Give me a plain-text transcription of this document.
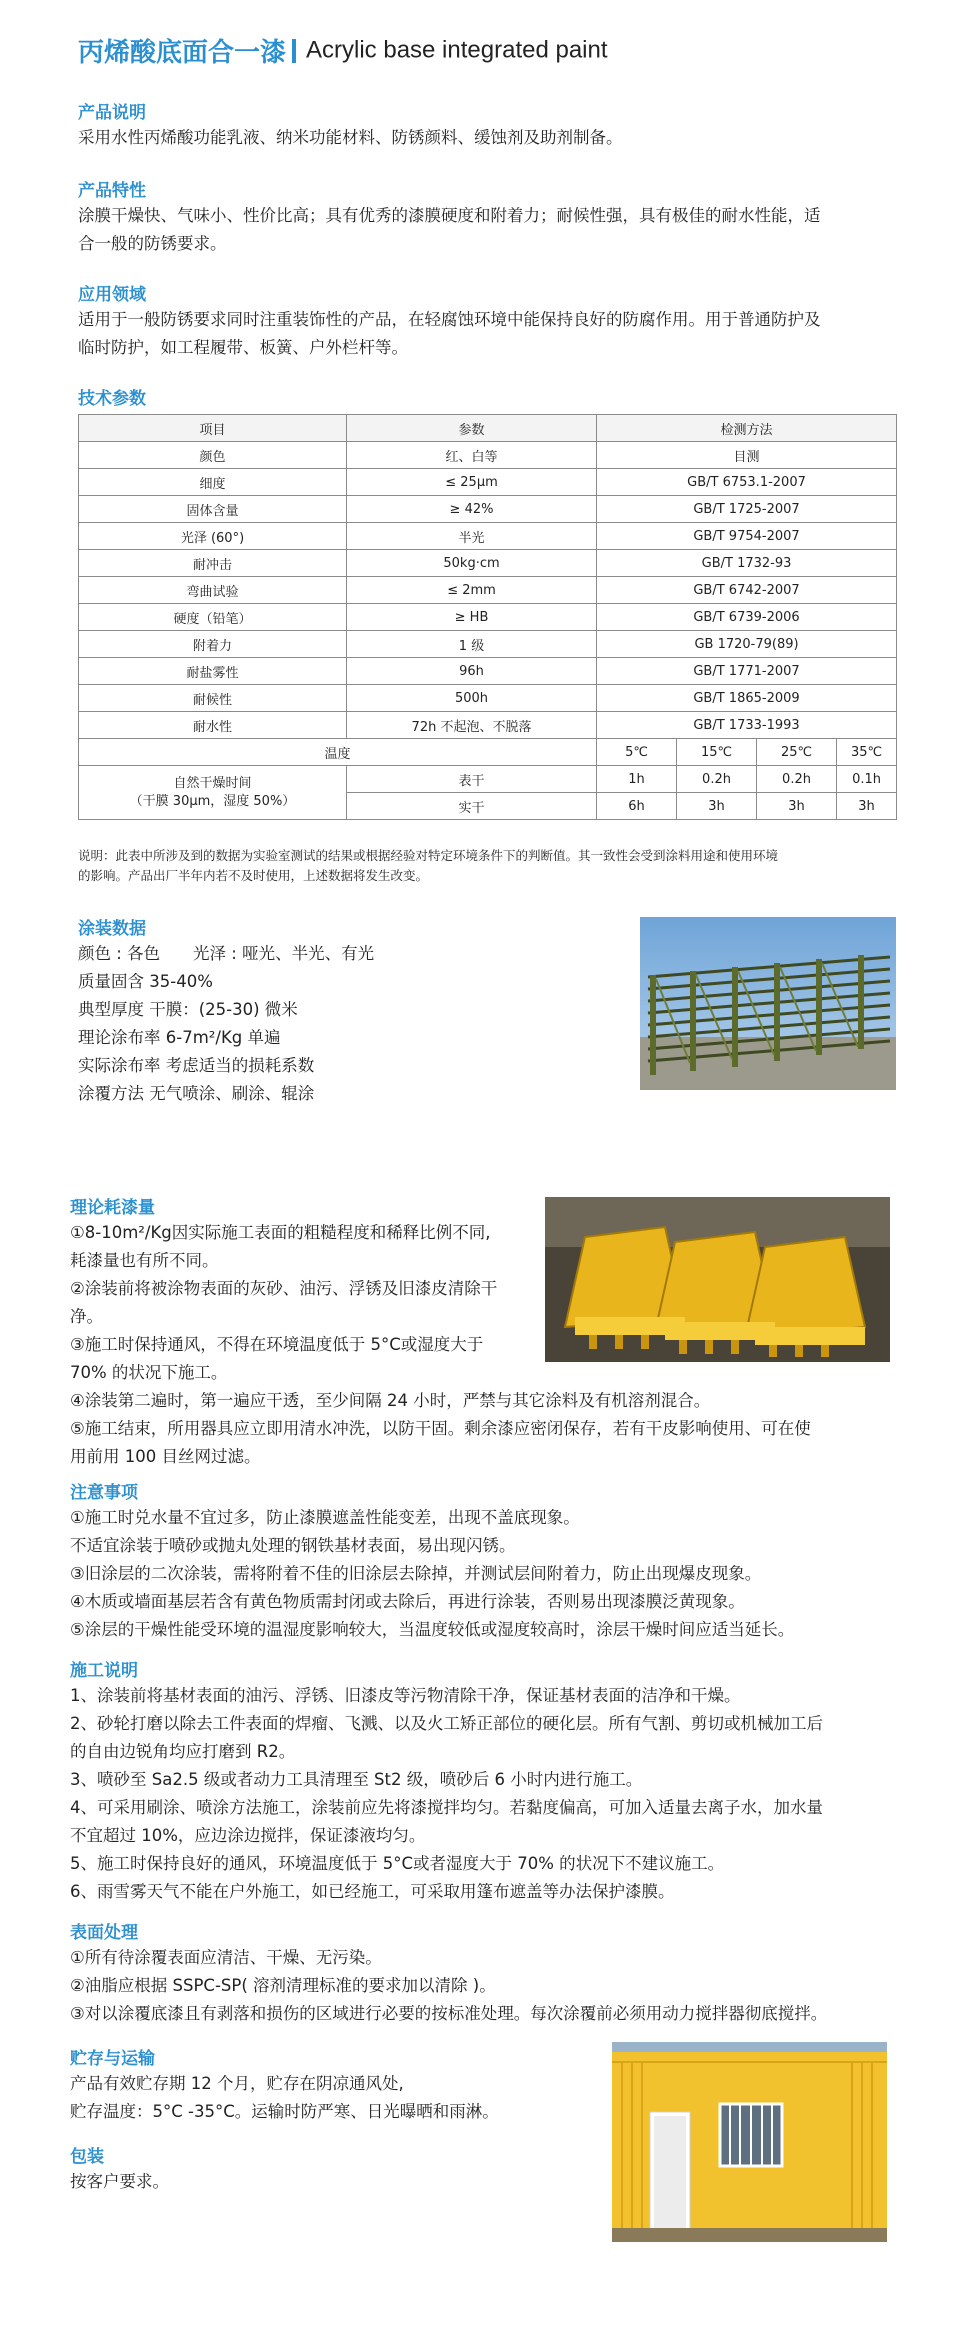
丙烯酸底面合一漆 Acrylic base integrated paint
产品说明
采用水性丙烯酸功能乳液、纳米功能材料、防锈颜料、缓蚀剂及助剂制备。
产品特性
涂膜干燥快、气味小、性价比高；具有优秀的漆膜硬度和附着力；耐候性强，具有极佳的耐水性能，适
合一般的防锈要求。
应用领域
适用于一般防锈要求同时注重装饰性的产品，在轻腐蚀环境中能保持良好的防腐作用。用于普通防护及
临时防护，如工程履带、板簧、户外栏杆等。
技术参数
项目	参数	检测方法			
颜色	红、白等	目测			
细度	≤ 25μm	GB/T 6753.1-2007			
固体含量	≥ 42%	GB/T 1725-2007			
光泽 (60°)	半光	GB/T 9754-2007			
耐冲击	50kg·cm	GB/T 1732-93			
弯曲试验	≤ 2mm	GB/T 6742-2007			
硬度（铅笔）	≥ HB	GB/T 6739-2006			
附着力	1 级	GB 1720-79(89)			
耐盐雾性	96h	GB/T 1771-2007			
耐候性	500h	GB/T 1865-2009			
耐水性	72h 不起泡、不脱落	GB/T 1733-1993			
温度		5℃	15℃	25℃	35℃

自然干燥时间
（干膜 30μm，湿度 50%）	表干	1h	0.2h	0.2h	0.1h
	实干	6h	3h	3h	3h
说明：此表中所涉及到的数据为实验室测试的结果或根据经验对特定环境条件下的判断值。其一致性会受到涂料用途和使用环境
的影响。产品出厂半年内若不及时使用，上述数据将发生改变。
涂装数据
颜色 : 各色　　光泽 : 哑光、半光、有光
质量固含 35-40%
典型厚度 干膜：(25-30) 微米
理论涂布率 6-7m²/Kg 单遍
实际涂布率 考虑适当的损耗系数
涂覆方法 无气喷涂、刷涂、辊涂
理论耗漆量
①8-10m²/Kg因实际施工表面的粗糙程度和稀释比例不同,
耗漆量也有所不同。
②涂装前将被涂物表面的灰砂、油污、浮锈及旧漆皮清除干
净。
③施工时保持通风，不得在环境温度低于 5°C或湿度大于
70% 的状况下施工。
④涂装第二遍时，第一遍应干透，至少间隔 24 小时，严禁与其它涂料及有机溶剂混合。
⑤施工结束，所用器具应立即用清水冲洗，以防干固。剩余漆应密闭保存，若有干皮影响使用、可在使
用前用 100 目丝网过滤。
注意事项
①施工时兑水量不宜过多，防止漆膜遮盖性能变差，出现不盖底现象。
不适宜涂装于喷砂或抛丸处理的钢铁基材表面，易出现闪锈。
③旧涂层的二次涂装，需将附着不佳的旧涂层去除掉，并测试层间附着力，防止出现爆皮现象。
④木质或墙面基层若含有黄色物质需封闭或去除后，再进行涂装，否则易出现漆膜泛黄现象。
⑤涂层的干燥性能受环境的温湿度影响较大，当温度较低或湿度较高时，涂层干燥时间应适当延长。
施工说明
1、涂装前将基材表面的油污、浮锈、旧漆皮等污物清除干净，保证基材表面的洁净和干燥。
2、砂轮打磨以除去工件表面的焊瘤、飞溅、以及火工矫正部位的硬化层。所有气割、剪切或机械加工后
的自由边锐角均应打磨到 R2。
3、喷砂至 Sa2.5 级或者动力工具清理至 St2 级，喷砂后 6 小时内进行施工。
4、可采用刷涂、喷涂方法施工，涂装前应先将漆搅拌均匀。若黏度偏高，可加入适量去离子水，加水量
不宜超过 10%，应边涂边搅拌，保证漆液均匀。
5、施工时保持良好的通风，环境温度低于 5°C或者湿度大于 70% 的状况下不建议施工。
6、雨雪雾天气不能在户外施工，如已经施工，可采取用篷布遮盖等办法保护漆膜。
表面处理
①所有待涂覆表面应清洁、干燥、无污染。
②油脂应根据 SSPC-SP( 溶剂清理标准的要求加以清除 )。
③对以涂覆底漆且有剥落和损伤的区域进行必要的按标准处理。每次涂覆前必须用动力搅拌器彻底搅拌。
贮存与运输
产品有效贮存期 12 个月，贮存在阴凉通风处,
贮存温度：5°C -35°C。运输时防严寒、日光曝晒和雨淋。
包装
按客户要求。
